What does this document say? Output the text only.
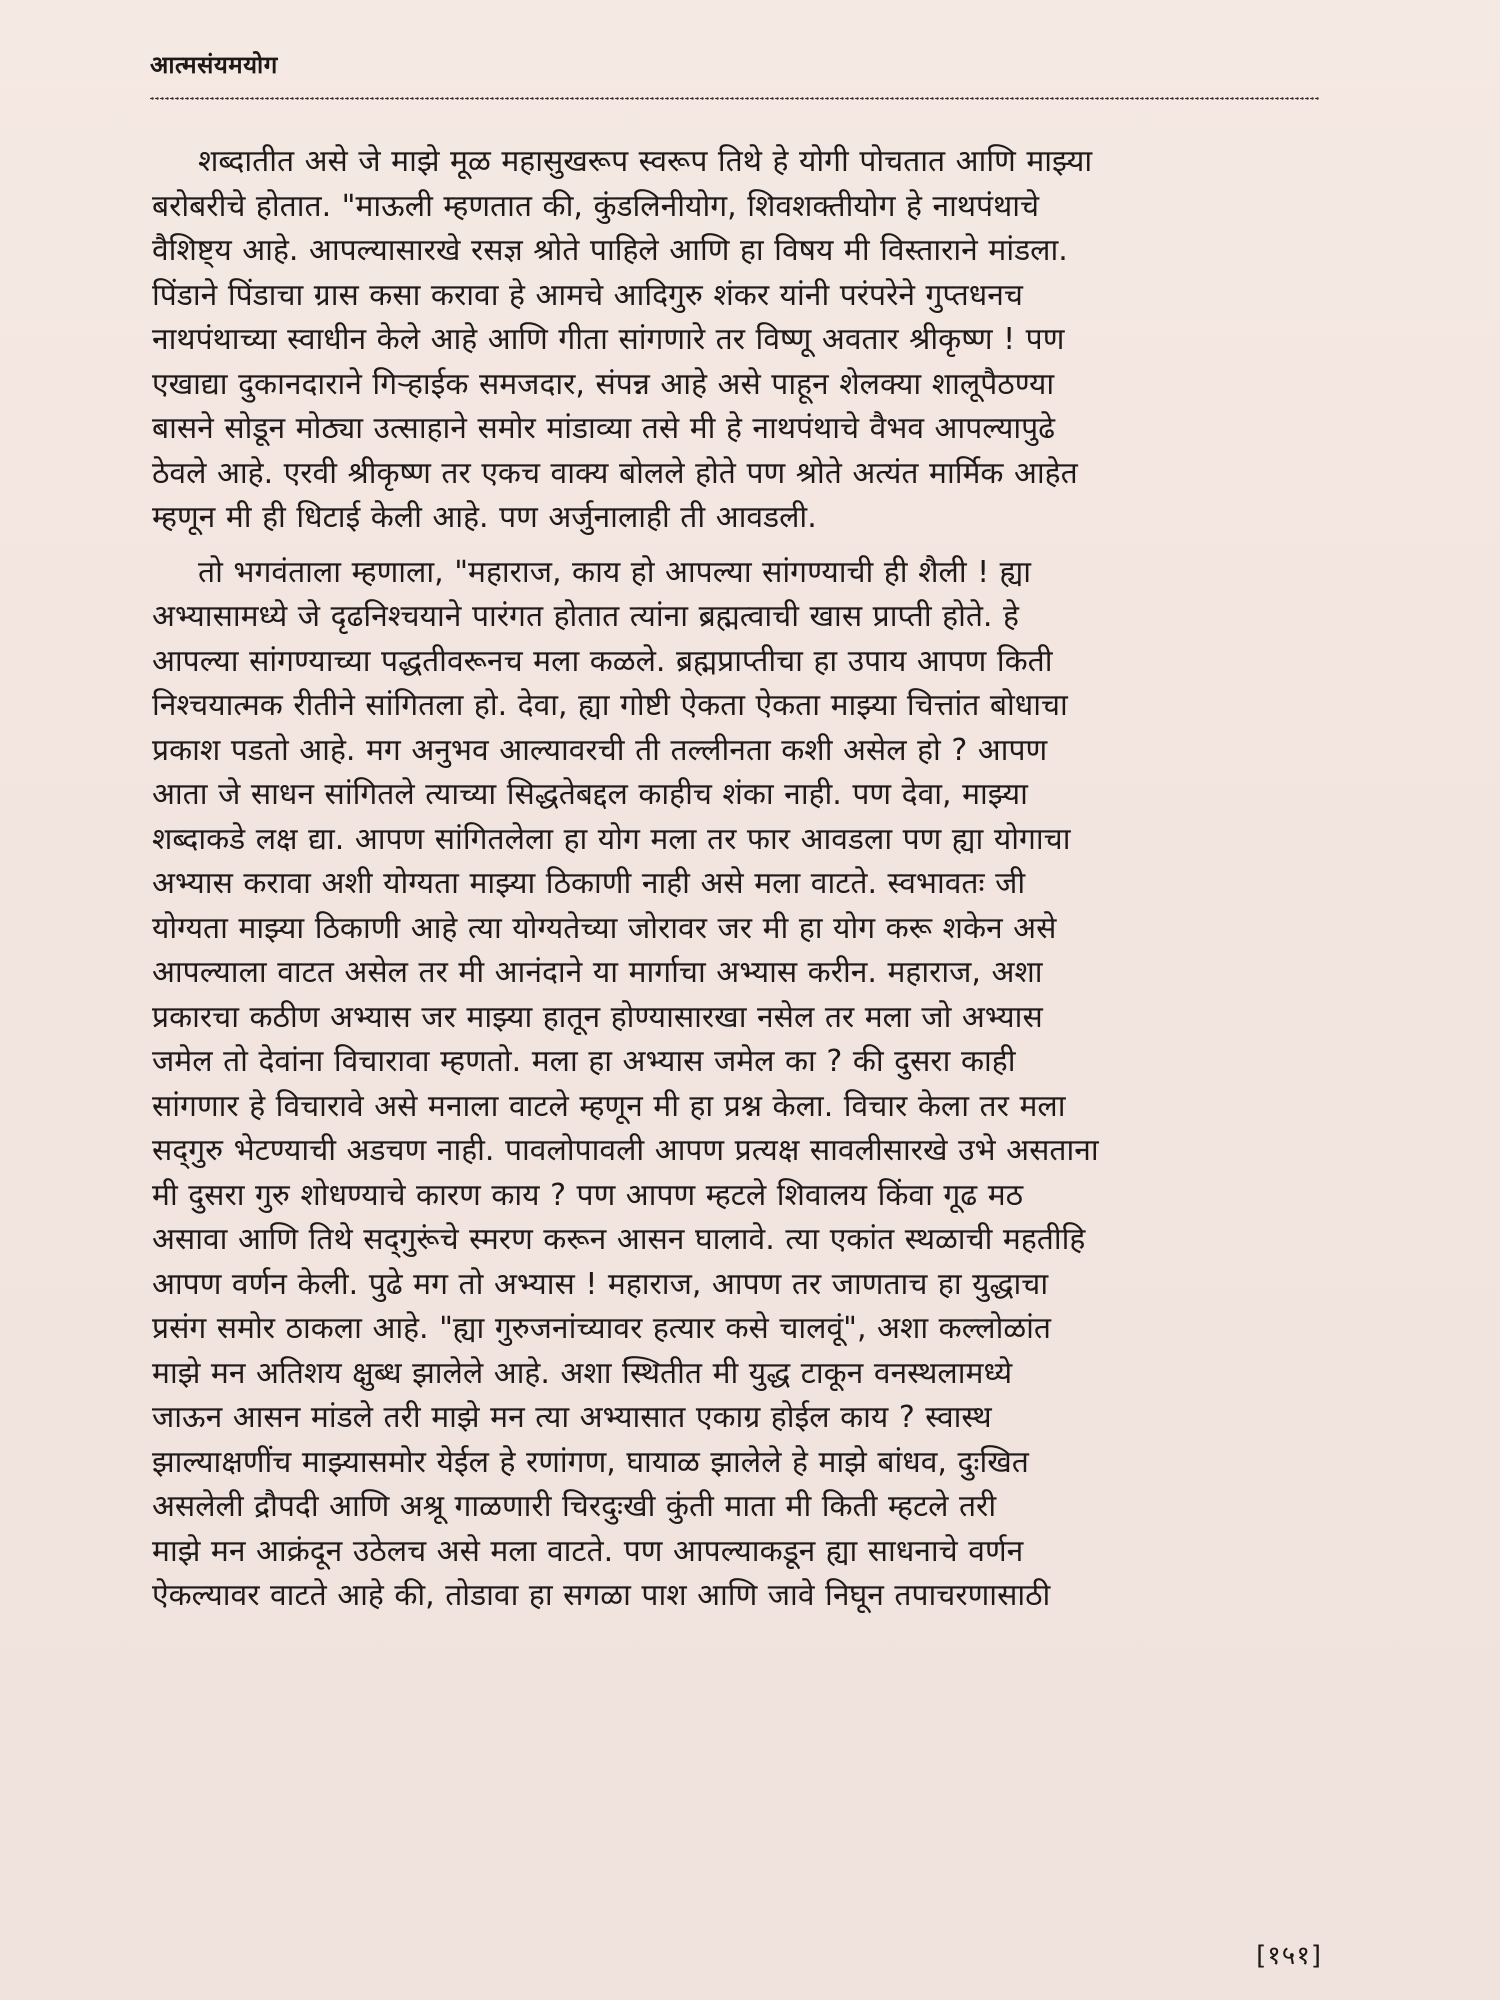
आत्मसंयमयोग

शब्दातीत असे जे माझे मूळ महासुखरूप स्वरूप तिथे हे योगी पोचतात आणि माझ्या
बरोबरीचे होतात. "माऊली म्हणतात की, कुंडलिनीयोग, शिवशक्तीयोग हे नाथपंथाचे
वैशिष्ट्य आहे. आपल्यासारखे रसज्ञ श्रोते पाहिले आणि हा विषय मी विस्ताराने मांडला.
पिंडाने पिंडाचा ग्रास कसा करावा हे आमचे आदिगुरु शंकर यांनी परंपरेने गुप्तधनच
नाथपंथाच्या स्वाधीन केले आहे आणि गीता सांगणारे तर विष्णू अवतार श्रीकृष्ण ! पण
एखाद्या दुकानदाराने गिऱ्हाईक समजदार, संपन्न आहे असे पाहून शेलक्या शालूपैठण्या
बासने सोडून मोठ्या उत्साहाने समोर मांडाव्या तसे मी हे नाथपंथाचे वैभव आपल्यापुढे
ठेवले आहे. एरवी श्रीकृष्ण तर एकच वाक्य बोलले होते पण श्रोते अत्यंत मार्मिक आहेत
म्हणून मी ही धिटाई केली आहे. पण अर्जुनालाही ती आवडली.

तो भगवंताला म्हणाला, "महाराज, काय हो आपल्या सांगण्याची ही शैली ! ह्या
अभ्यासामध्ये जे दृढनिश्चयाने पारंगत होतात त्यांना ब्रह्मत्वाची खास प्राप्ती होते. हे
आपल्या सांगण्याच्या पद्धतीवरूनच मला कळले. ब्रह्मप्राप्तीचा हा उपाय आपण किती
निश्चयात्मक रीतीने सांगितला हो. देवा, ह्या गोष्टी ऐकता ऐकता माझ्या चित्तांत बोधाचा
प्रकाश पडतो आहे. मग अनुभव आल्यावरची ती तल्लीनता कशी असेल हो ? आपण
आता जे साधन सांगितले त्याच्या सिद्धतेबद्दल काहीच शंका नाही. पण देवा, माझ्या
शब्दाकडे लक्ष द्या. आपण सांगितलेला हा योग मला तर फार आवडला पण ह्या योगाचा
अभ्यास करावा अशी योग्यता माझ्या ठिकाणी नाही असे मला वाटते. स्वभावतः जी
योग्यता माझ्या ठिकाणी आहे त्या योग्यतेच्या जोरावर जर मी हा योग करू शकेन असे
आपल्याला वाटत असेल तर मी आनंदाने या मार्गाचा अभ्यास करीन. महाराज, अशा
प्रकारचा कठीण अभ्यास जर माझ्या हातून होण्यासारखा नसेल तर मला जो अभ्यास
जमेल तो देवांना विचारावा म्हणतो. मला हा अभ्यास जमेल का ? की दुसरा काही
सांगणार हे विचारावे असे मनाला वाटले म्हणून मी हा प्रश्न केला. विचार केला तर मला
सद्‌गुरु भेटण्याची अडचण नाही. पावलोपावली आपण प्रत्यक्ष सावलीसारखे उभे असताना
मी दुसरा गुरु शोधण्याचे कारण काय ? पण आपण म्हटले शिवालय किंवा गूढ मठ
असावा आणि तिथे सद्‌गुरूंचे स्मरण करून आसन घालावे. त्या एकांत स्थळाची महतीहि
आपण वर्णन केली. पुढे मग तो अभ्यास ! महाराज, आपण तर जाणताच हा युद्धाचा
प्रसंग समोर ठाकला आहे. "ह्या गुरुजनांच्यावर हत्यार कसे चालवूं", अशा कल्लोळांत
माझे मन अतिशय क्षुब्ध झालेले आहे. अशा स्थितीत मी युद्ध टाकून वनस्थलामध्ये
जाऊन आसन मांडले तरी माझे मन त्या अभ्यासात एकाग्र होईल काय ? स्वास्थ
झाल्याक्षणींच माझ्यासमोर येईल हे रणांगण, घायाळ झालेले हे माझे बांधव, दुःखित
असलेली द्रौपदी आणि अश्रू गाळणारी चिरदुःखी कुंती माता मी किती म्हटले तरी
माझे मन आक्रंदून उठेलच असे मला वाटते. पण आपल्याकडून ह्या साधनाचे वर्णन
ऐकल्यावर वाटते आहे की, तोडावा हा सगळा पाश आणि जावे निघून तपाचरणासाठी

[१५१]
